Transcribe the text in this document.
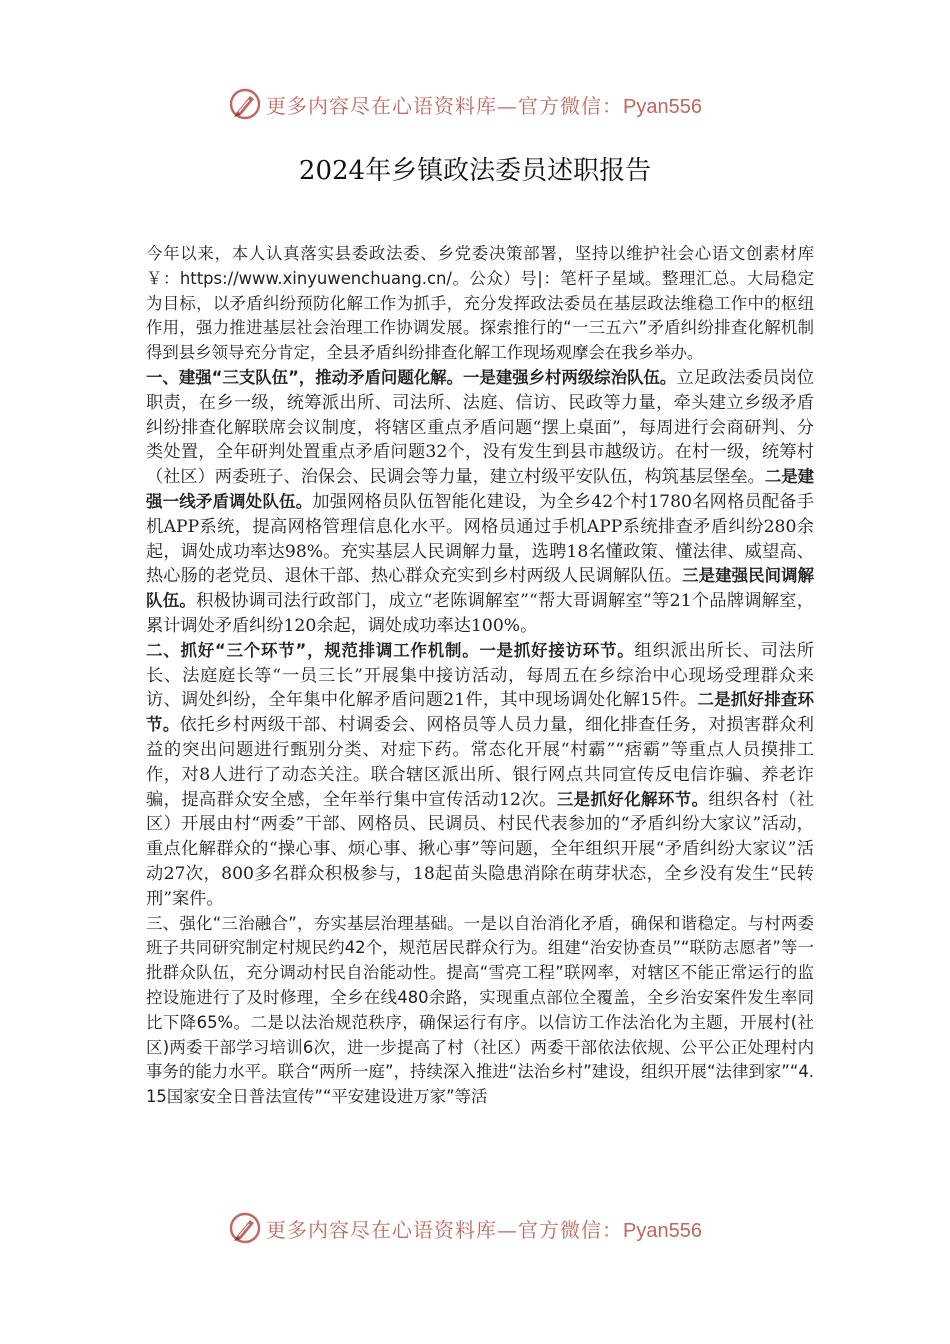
更多内容尽在心语资料库—官方微信：Pyan556
2024年乡镇政法委员述职报告

今年以来，本人认真落实县委政法委、乡党委决策部署，坚持以维护社会心语文创素材库￥：https://www.xinyuwenchuang.cn/。公众）号|：笔杆子星域。整理汇总。大局稳定为目标，以矛盾纠纷预防化解工作为抓手，充分发挥政法委员在基层政法维稳工作中的枢纽作用，强力推进基层社会治理工作协调发展。探索推行的“一三五六”矛盾纠纷排查化解机制得到县乡领导充分肯定，全县矛盾纠纷排查化解工作现场观摩会在我乡举办。

一、建强“三支队伍”，推动矛盾问题化解。一是建强乡村两级综治队伍。立足政法委员岗位职责，在乡一级，统筹派出所、司法所、法庭、信访、民政等力量，牵头建立乡级矛盾纠纷排查化解联席会议制度，将辖区重点矛盾问题“摆上桌面”，每周进行会商研判、分类处置，全年研判处置重点矛盾问题32个，没有发生到县市越级访。在村一级，统筹村（社区）两委班子、治保会、民调会等力量，建立村级平安队伍，构筑基层堡垒。二是建强一线矛盾调处队伍。加强网格员队伍智能化建设，为全乡42个村1780名网格员配备手机APP系统，提高网格管理信息化水平。网格员通过手机APP系统排查矛盾纠纷280余起，调处成功率达98%。充实基层人民调解力量，选聘18名懂政策、懂法律、威望高、热心肠的老党员、退休干部、热心群众充实到乡村两级人民调解队伍。三是建强民间调解队伍。积极协调司法行政部门，成立“老陈调解室”“帮大哥调解室”等21个品牌调解室，累计调处矛盾纠纷120余起，调处成功率达100%。

二、抓好“三个环节”，规范排调工作机制。一是抓好接访环节。组织派出所长、司法所长、法庭庭长等“一员三长”开展集中接访活动，每周五在乡综治中心现场受理群众来访、调处纠纷，全年集中化解矛盾问题21件，其中现场调处化解15件。二是抓好排查环节。依托乡村两级干部、村调委会、网格员等人员力量，细化排查任务，对损害群众利益的突出问题进行甄别分类、对症下药。常态化开展“村霸”“痞霸”等重点人员摸排工作，对8人进行了动态关注。联合辖区派出所、银行网点共同宣传反电信诈骗、养老诈骗，提高群众安全感，全年举行集中宣传活动12次。三是抓好化解环节。组织各村（社区）开展由村“两委”干部、网格员、民调员、村民代表参加的“矛盾纠纷大家议”活动，重点化解群众的“操心事、烦心事、揪心事”等问题，全年组织开展“矛盾纠纷大家议”活动27次，800多名群众积极参与，18起苗头隐患消除在萌芽状态，全乡没有发生“民转刑”案件。

三、强化“三治融合”，夯实基层治理基础。一是以自治消化矛盾，确保和谐稳定。与村两委班子共同研究制定村规民约42个，规范居民群众行为。组建“治安协查员”“联防志愿者”等一批群众队伍，充分调动村民自治能动性。提高“雪亮工程”联网率，对辖区不能正常运行的监控设施进行了及时修理，全乡在线480余路，实现重点部位全覆盖，全乡治安案件发生率同比下降65%。二是以法治规范秩序，确保运行有序。以信访工作法治化为主题，开展村(社区)两委干部学习培训6次，进一步提高了村（社区）两委干部依法依规、公平公正处理村内事务的能力水平。联合“两所一庭”，持续深入推进“法治乡村”建设，组织开展“法律到家”“4.15国家安全日普法宣传”“平安建设进万家”等活

更多内容尽在心语资料库—官方微信：Pyan556
